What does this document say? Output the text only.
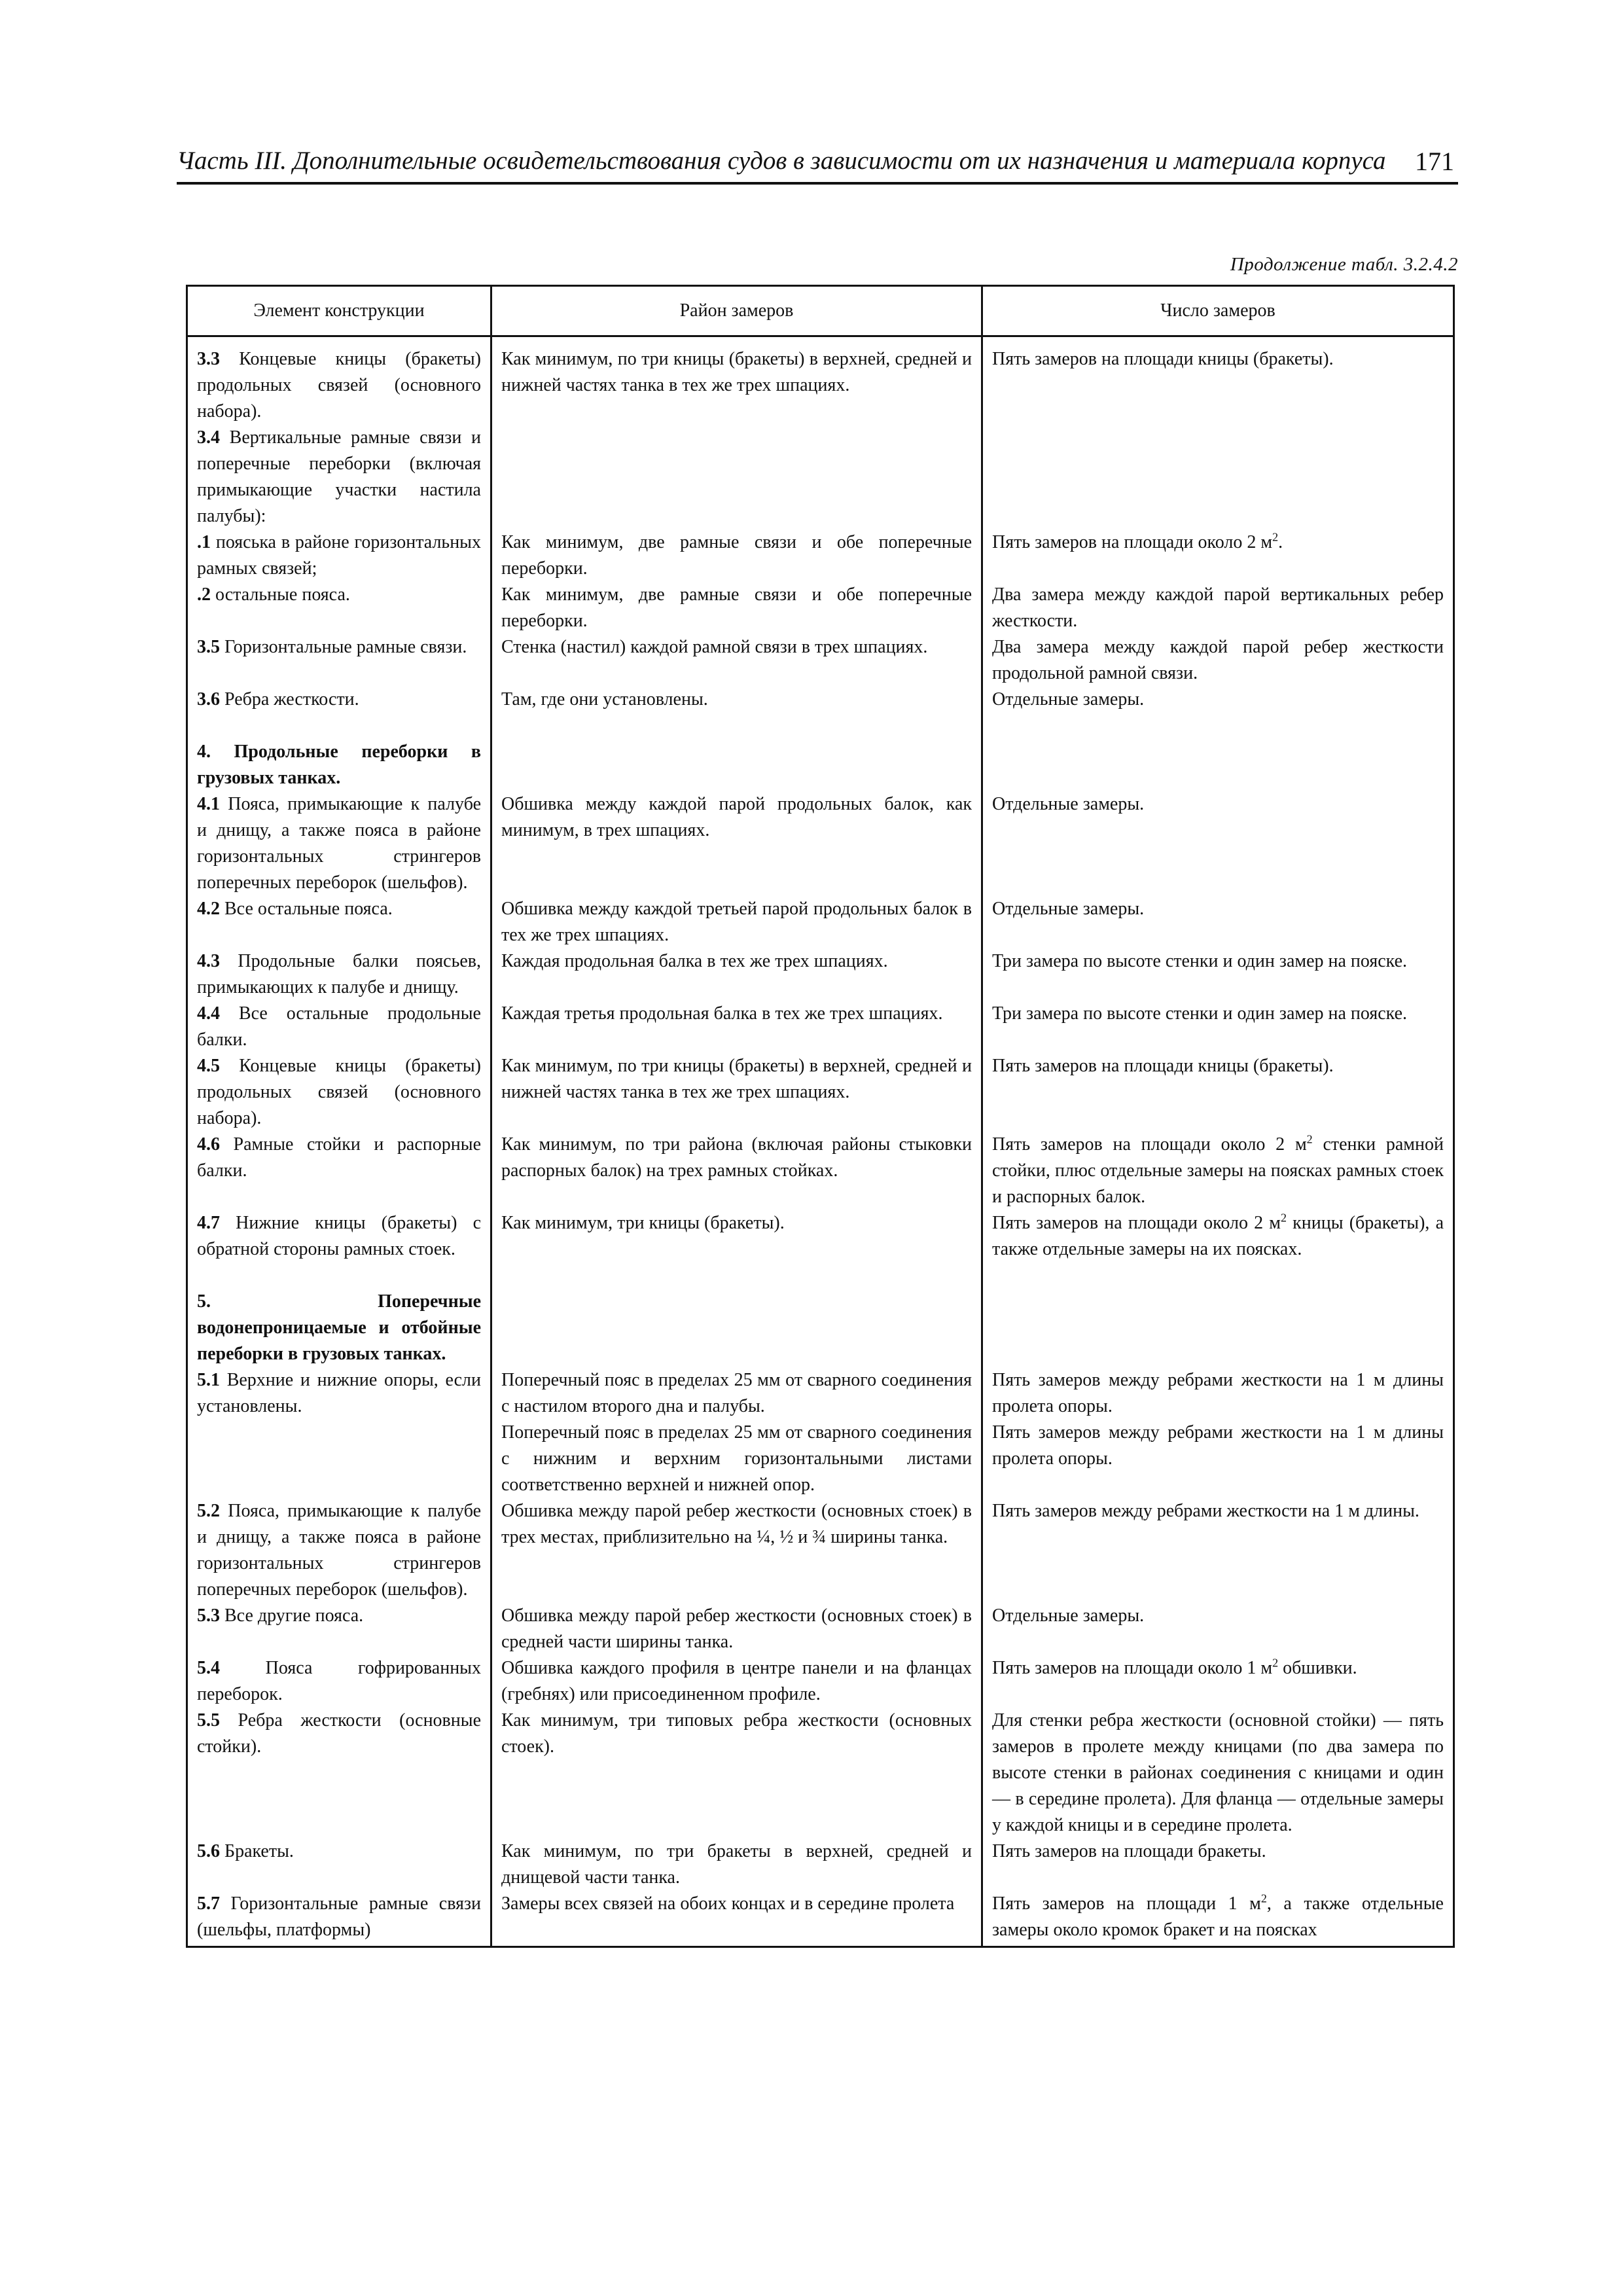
Часть III. Дополнительные освидетельствования судов в зависимости от их назначения и материала корпуса 171
Продолжение табл. 3.2.4.2
Элемент конструкции	Район замеров	Число замеров
3.3 Концевые кницы (бракеты) продольных связей (основного набора).	Как минимум, по три кницы (бракеты) в верхней, средней и нижней частях танка в тех же трех шпациях.	Пять замеров на площади кницы (бракеты).
3.4 Вертикальные рамные связи и поперечные переборки (включая примыкающие участки настила палубы):		
.1 пояська в районе горизонтальных рамных связей;	Как минимум, две рамные связи и обе поперечные переборки.	Пять замеров на площади около 2 $м^2$.
.2 остальные пояса.	Как минимум, две рамные связи и обе поперечные переборки.	Два замера между каждой парой вертикальных ребер жесткости.
3.5 Горизонтальные рамные связи.	Стенка (настил) каждой рамной связи в трех шпациях.	Два замера между каждой парой ребер жесткости продольной рамной связи.
3.6 Ребра жесткости.	Там, где они установлены.	Отдельные замеры.

4. Продольные переборки в грузовых танках.		
4.1 Пояса, примыкающие к палубе и днищу, а также пояса в районе горизонтальных стрингеров поперечных переборок (шельфов).	Обшивка между каждой парой продольных балок, как минимум, в трех шпациях.	Отдельные замеры.
4.2 Все остальные пояса.	Обшивка между каждой третьей парой продольных балок в тех же трех шпациях.	Отдельные замеры.
4.3 Продольные балки поясьев, примыкающих к палубе и днищу.	Каждая продольная балка в тех же трех шпациях.	Три замера по высоте стенки и один замер на пояске.
4.4 Все остальные продольные балки.	Каждая третья продольная балка в тех же трех шпациях.	Три замера по высоте стенки и один замер на пояске.
4.5 Концевые кницы (бракеты) продольных связей (основного набора).	Как минимум, по три кницы (бракеты) в верхней, средней и нижней частях танка в тех же трех шпациях.	Пять замеров на площади кницы (бракеты).
4.6 Рамные стойки и распорные балки.	Как минимум, по три района (включая районы стыковки распорных балок) на трех рамных стойках.	Пять замеров на площади около 2 $м^2$ стенки рамной стойки, плюс отдельные замеры на поясках рамных стоек и распорных балок.
4.7 Нижние кницы (бракеты) с обратной стороны рамных стоек.	Как минимум, три кницы (бракеты).	Пять замеров на площади около 2 $м^2$ кницы (бракеты), а также отдельные замеры на их поясках.

5. Поперечные водонепроницаемые и отбойные переборки в грузовых танках.		
5.1 Верхние и нижние опоры, если установлены.	Поперечный пояс в пределах 25 мм от сварного соединения с настилом второго дна и палубы.	Пять замеров между ребрами жесткости на 1 м длины пролета опоры.
	Поперечный пояс в пределах 25 мм от сварного соединения с нижним и верхним горизонтальными листами соответственно верхней и нижней опор.	Пять замеров между ребрами жесткости на 1 м длины пролета опоры.
5.2 Пояса, примыкающие к палубе и днищу, а также пояса в районе горизонтальных стрингеров поперечных переборок (шельфов).	Обшивка между парой ребер жесткости (основных стоек) в трех местах, приблизительно на ¼, ½ и ¾ ширины танка.	Пять замеров между ребрами жесткости на 1 м длины.
5.3 Все другие пояса.	Обшивка между парой ребер жесткости (основных стоек) в средней части ширины танка.	Отдельные замеры.
5.4 Пояса гофрированных переборок.	Обшивка каждого профиля в центре панели и на фланцах (гребнях) или присоединенном профиле.	Пять замеров на площади около 1 $м^2$ обшивки.
5.5 Ребра жесткости (основные стойки).	Как минимум, три типовых ребра жесткости (основных стоек).	Для стенки ребра жесткости (основной стойки) — пять замеров в пролете между кницами (по два замера по высоте стенки в районах соединения с кницами и один — в середине пролета). Для фланца — отдельные замеры у каждой кницы и в середине пролета.
5.6 Бракеты.	Как минимум, по три бракеты в верхней, средней и днищевой части танка.	Пять замеров на площади бракеты.
5.7 Горизонтальные рамные связи (шельфы, платформы)	Замеры всех связей на обоих концах и в середине пролета	Пять замеров на площади 1 $м^2$, а также отдельные замеры около кромок бракет и на поясках
